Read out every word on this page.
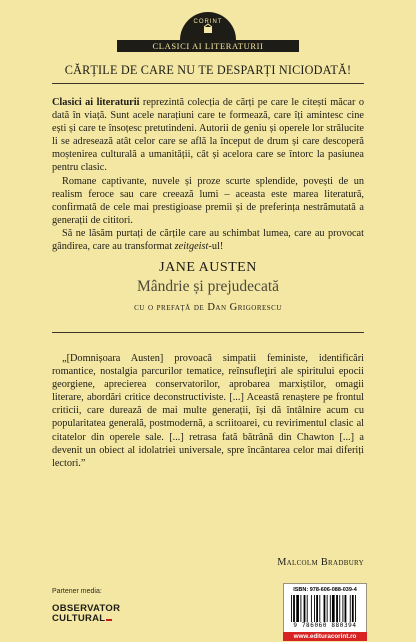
CORINT
CLASICI AI LITERATURII
CĂRȚILE DE CARE NU TE DESPARȚI NICIODATĂ!

Clasici ai literaturii reprezintă colecția de cărți pe care le citești măcar o dată în viață. Sunt acele narațiuni care te formează, care îți amintesc cine ești și care te însoțesc pretutindeni. Autorii de geniu și operele lor strălucite li se adresează atât celor care se află la început de drum și care descoperă moștenirea culturală a umanității, cât și acelora care se întorc la pasiunea pentru clasic.

Romane captivante, nuvele și proze scurte splendide, povești de un realism feroce sau care creează lumi – aceasta este marea literatură, confirmată de cele mai prestigioase premii și de preferința nestrămutată a generații de cititori.

Să ne lăsăm purtați de cărțile care au schimbat lumea, care au provocat gândirea, care au transformat zeitgeist-ul!

JANE AUSTEN
Mândrie și prejudecată
cu o prefață de Dan Grigorescu

„[Domnișoara Austen] provoacă simpatii feministe, identificări romantice, nostalgia parcurilor tematice, reînsufleţiri ale spiritului epocii georgiene, aprecierea conservatorilor, aprobarea marxiștilor, omagii literare, abordări critice deconstructiviste. [...] Această renaștere pe frontul criticii, care durează de mai multe generații, își dă întâlnire acum cu popularitatea generală, postmodernă, a scriitoarei, cu revirimentul clasic al citatelor din operele sale. [...] retrasa fată bătrână din Chawton [...] a devenit un obiect al idolatriei universale, spre încântarea celor mai diferiți lectori.”

Malcolm Bradbury
Partener media:
OBSERVATOR
CULTURAL
ISBN: 978-606-088-039-4
9 786060 880394
www.edituracorint.ro
